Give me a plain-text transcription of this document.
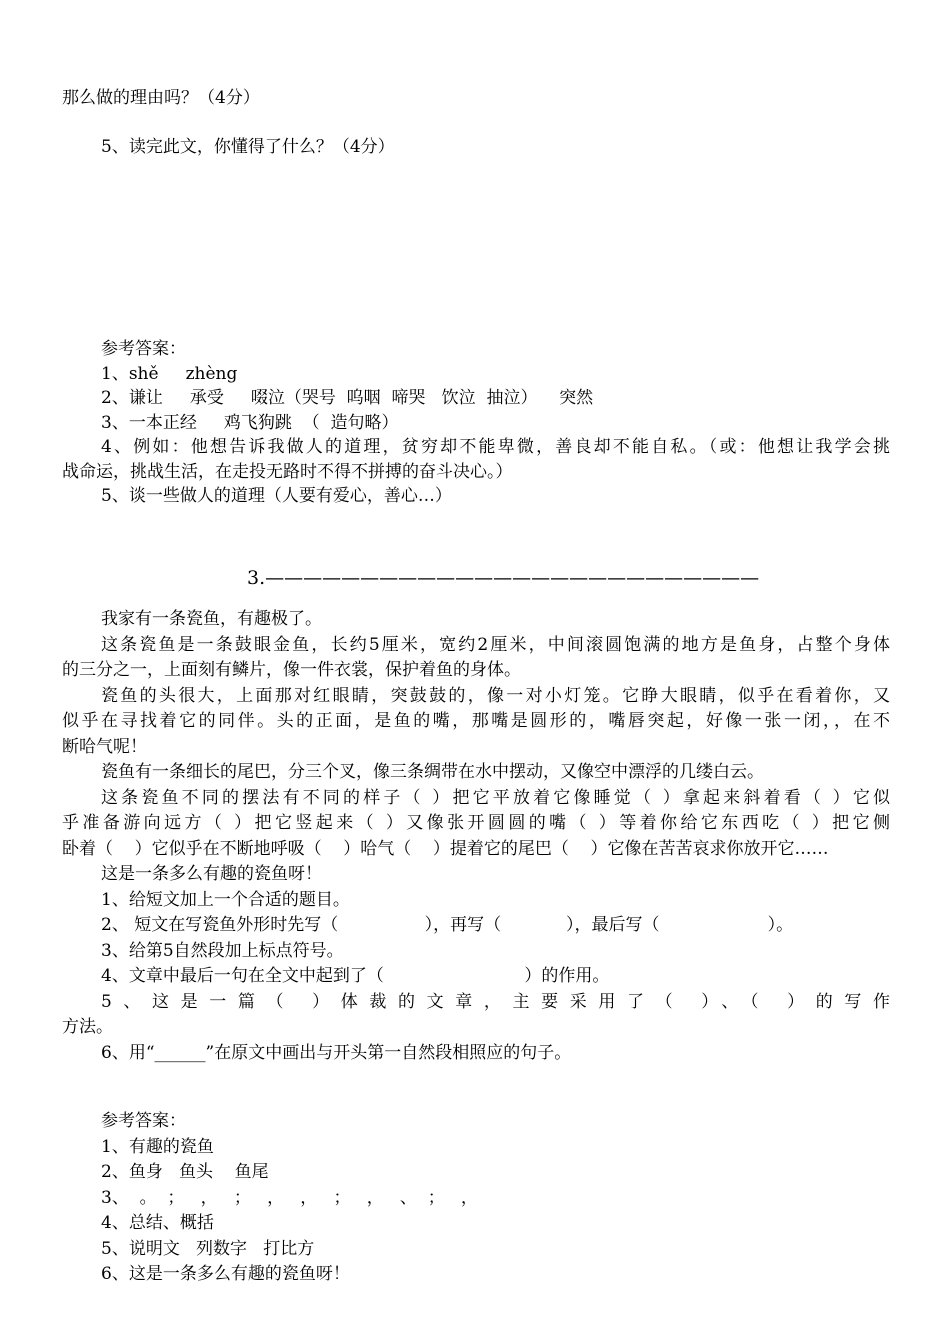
那么做的理由吗？（4分）

5、读完此文，你懂得了什么？（4分）

参考答案：

1、shě     zhèng

2、谦让     承受     啜泣（哭号  呜咽  啼哭   饮泣  抽泣）    突然

3、一本正经     鸡飞狗跳  （  造句略）

4、例如：他想告诉我做人的道理，贫穷却不能卑微，善良却不能自私。（或：他想让我学会挑

战命运，挑战生活，在走投无路时不得不拼搏的奋斗决心。）

5、谈一些做人的道理（人要有爱心，善心…）

3.——————————————————————————

我家有一条瓷鱼，有趣极了。

这条瓷鱼是一条鼓眼金鱼，长约5厘米，宽约2厘米，中间滚圆饱满的地方是鱼身，占整个身体

的三分之一，上面刻有鳞片，像一件衣裳，保护着鱼的身体。

瓷鱼的头很大，上面那对红眼睛，突鼓鼓的，像一对小灯笼。它睁大眼睛，似乎在看着你，又

似乎在寻找着它的同伴。头的正面，是鱼的嘴，那嘴是圆形的，嘴唇突起，好像一张一闭，，在不

断哈气呢！

瓷鱼有一条细长的尾巴，分三个叉，像三条绸带在水中摆动，又像空中漂浮的几缕白云。

这条瓷鱼不同的摆法有不同的样子（ ）把它平放着它像睡觉（ ）拿起来斜着看（ ）它似

乎准备游向远方（ ）把它竖起来（ ）又像张开圆圆的嘴（ ）等着你给它东西吃（ ）把它侧

卧着（    ）它似乎在不断地呼吸（    ）哈气（    ）提着它的尾巴（    ）它像在苦苦哀求你放开它……

这是一条多么有趣的瓷鱼呀！

1、给短文加上一个合适的题目。

2、 短文在写瓷鱼外形时先写（                ），再写（            ），最后写（                    ）。

3、给第5自然段加上标点符号。

4、文章中最后一句在全文中起到了（                          ）的作用。

5、这是一篇（ ）体裁的文章，主要采用了（ ）、（ ）的写作

方法。

6、用“______”在原文中画出与开头第一自然段相照应的句子。

参考答案：

1、有趣的瓷鱼

2、鱼身   鱼头    鱼尾

3、  。  ；   ，   ；   ，   ，   ；   ，   、  ；   ，

4、总结、概括

5、说明文   列数字   打比方

6、这是一条多么有趣的瓷鱼呀！
